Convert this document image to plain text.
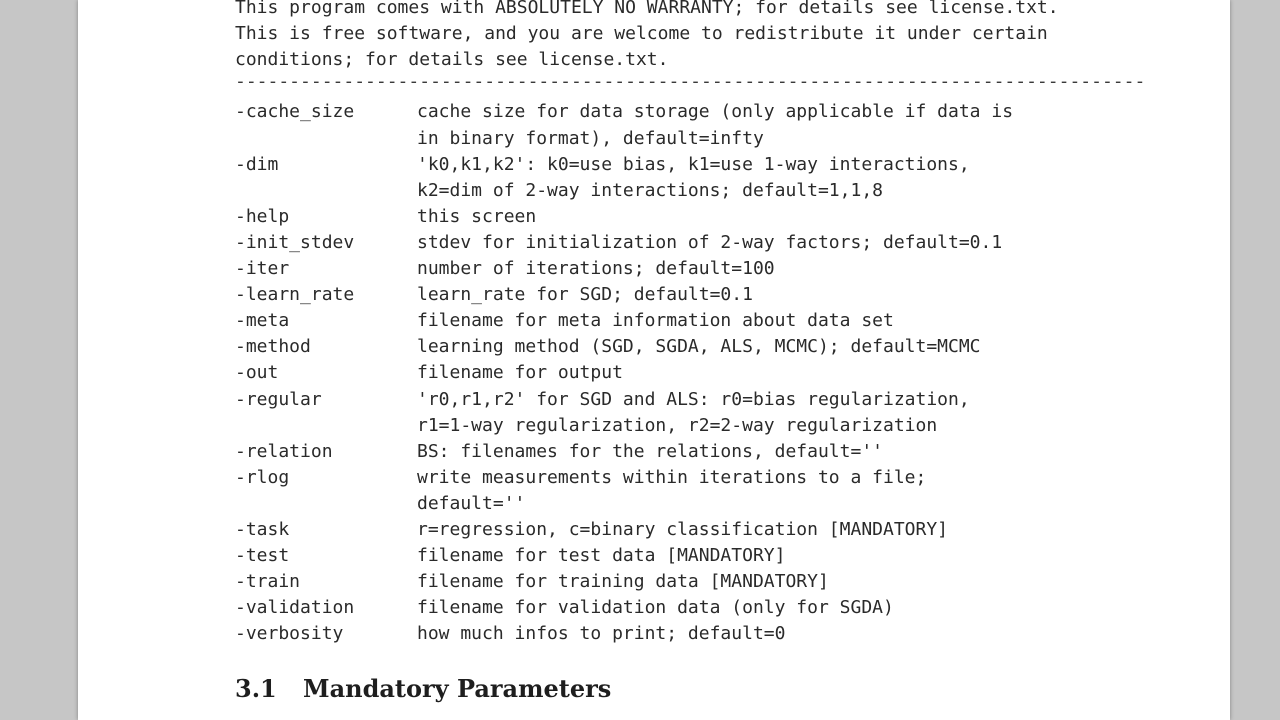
This program comes with ABSOLUTELY NO WARRANTY; for details see license.txt.
This is free software, and you are welcome to redistribute it under certain
conditions; for details see license.txt.
------------------------------------------------------------------------------------
-cache_size	cache size for data storage (only applicable if data is
in binary format), default=infty
-dim	'k0,k1,k2': k0=use bias, k1=use 1-way interactions,
k2=dim of 2-way interactions; default=1,1,8
-help	this screen
-init_stdev	stdev for initialization of 2-way factors; default=0.1
-iter	number of iterations; default=100
-learn_rate	learn_rate for SGD; default=0.1
-meta	filename for meta information about data set
-method	learning method (SGD, SGDA, ALS, MCMC); default=MCMC
-out	filename for output
-regular	'r0,r1,r2' for SGD and ALS: r0=bias regularization,
r1=1-way regularization, r2=2-way regularization
-relation	BS: filenames for the relations, default=''
-rlog	write measurements within iterations to a file;
default=''
-task	r=regression, c=binary classification [MANDATORY]
-test	filename for test data [MANDATORY]
-train	filename for training data [MANDATORY]
-validation	filename for validation data (only for SGDA)
-verbosity	how much infos to print; default=0
3.1 Mandatory Parameters
